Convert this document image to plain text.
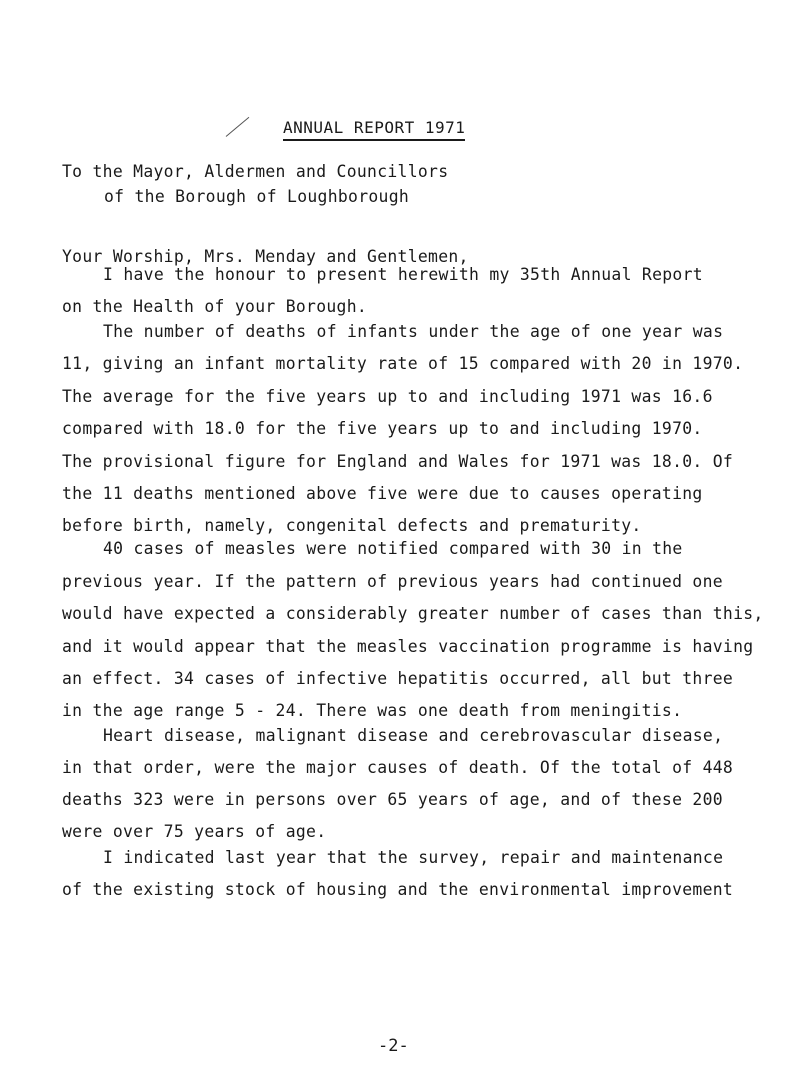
ANNUAL REPORT 1971
To the Mayor, Aldermen and Councillors
of the Borough of Loughborough
Your Worship, Mrs. Menday and Gentlemen,
I have the honour to present herewith my 35th Annual Report
on the Health of your Borough.
The number of deaths of infants under the age of one year was
11, giving an infant mortality rate of 15 compared with 20 in 1970.
The average for the five years up to and including 1971 was 16.6
compared with 18.0 for the five years up to and including 1970.
The provisional figure for England and Wales for 1971 was 18.0. Of
the 11 deaths mentioned above five were due to causes operating
before birth, namely, congenital defects and prematurity.
40 cases of measles were notified compared with 30 in the
previous year. If the pattern of previous years had continued one
would have expected a considerably greater number of cases than this,
and it would appear that the measles vaccination programme is having
an effect. 34 cases of infective hepatitis occurred, all but three
in the age range 5 - 24. There was one death from meningitis.
Heart disease, malignant disease and cerebrovascular disease,
in that order, were the major causes of death. Of the total of 448
deaths 323 were in persons over 65 years of age, and of these 200
were over 75 years of age.
I indicated last year that the survey, repair and maintenance
-2-
of the existing stock of housing and the environmental improvement
